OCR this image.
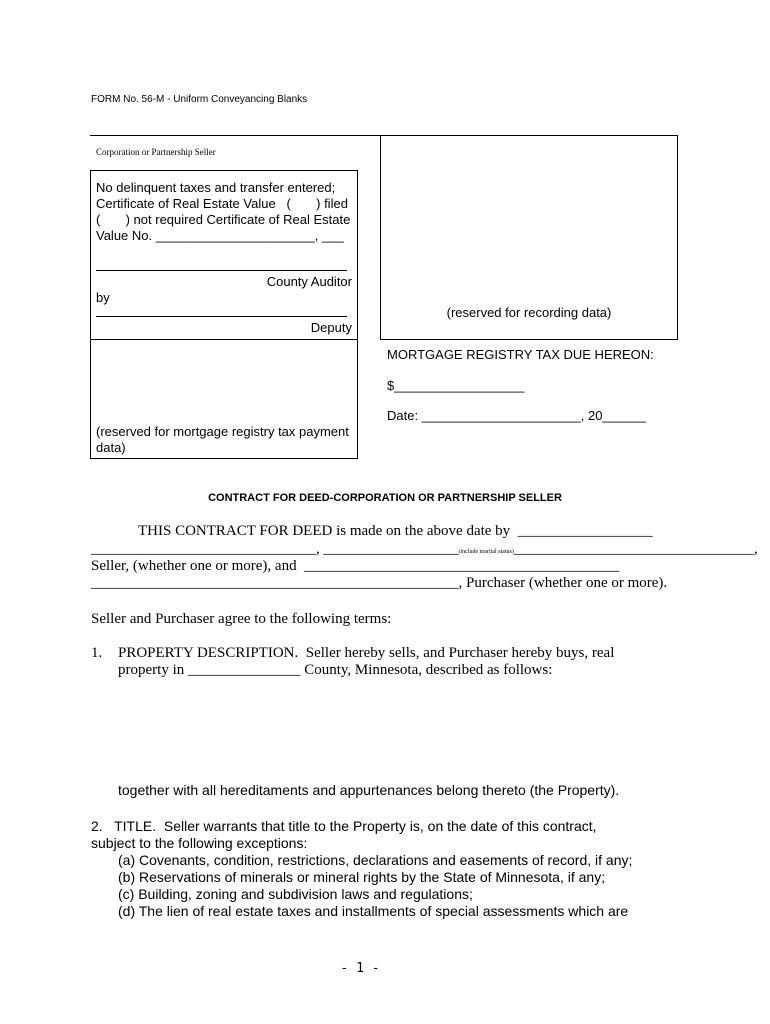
FORM No. 56-M - Uniform Conveyancing Blanks
Corporation or Partnership Seller
No delinquent taxes and transfer entered;
Certificate of Real Estate Value   (       ) filed
(       ) not required Certificate of Real Estate
Value No. ______________________, ___
County Auditor
by
Deputy
(reserved for recording data)
(reserved for mortgage registry tax payment
data)
MORTGAGE REGISTRY TAX DUE HEREON:
$__________________
Date: ______________________, 20______
CONTRACT FOR DEED-CORPORATION OR PARTNERSHIP SELLER
THIS CONTRACT FOR DEED is made on the above date by  __________________
______________________________, __________________(include marital status)________________________________,
Seller, (whether one or more), and  __________________________________________
_________________________________________________, Purchaser (whether one or more).
Seller and Purchaser agree to the following terms:
1. PROPERTY DESCRIPTION.  Seller hereby sells, and Purchaser hereby buys, real
property in _______________ County, Minnesota, described as follows:
together with all hereditaments and appurtenances belong thereto (the Property).
2.   TITLE.  Seller warrants that title to the Property is, on the date of this contract,
subject to the following exceptions:
(a) Covenants, condition, restrictions, declarations and easements of record, if any;
(b) Reservations of minerals or mineral rights by the State of Minnesota, if any;
(c) Building, zoning and subdivision laws and regulations;
(d) The lien of real estate taxes and installments of special assessments which are
- 1 -
